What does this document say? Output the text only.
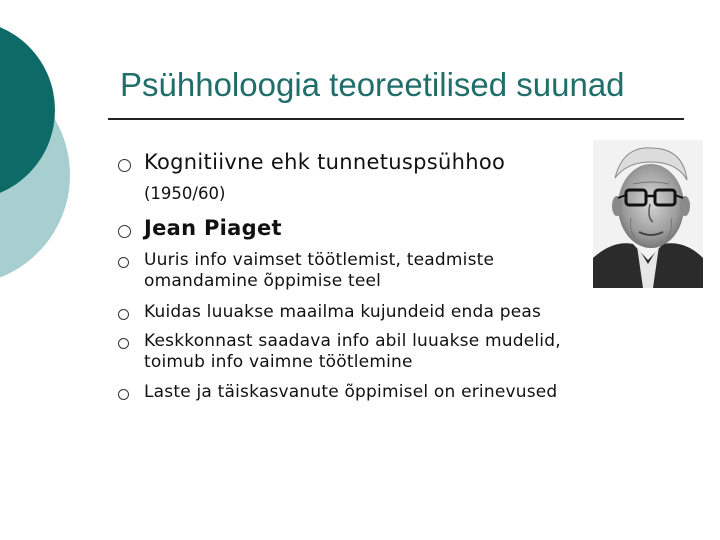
Psühholoogia teoreetilised suunad
Kognitiivne ehk tunnetuspsühhoo
(1950/60)
Jean Piaget
Uuris info vaimset töötlemist, teadmiste
omandamine õppimise teel
Kuidas luuakse maailma kujundeid enda peas
Keskkonnast saadava info abil luuakse mudelid,
toimub info vaimne töötlemine
Laste ja täiskasvanute õppimisel on erinevused
